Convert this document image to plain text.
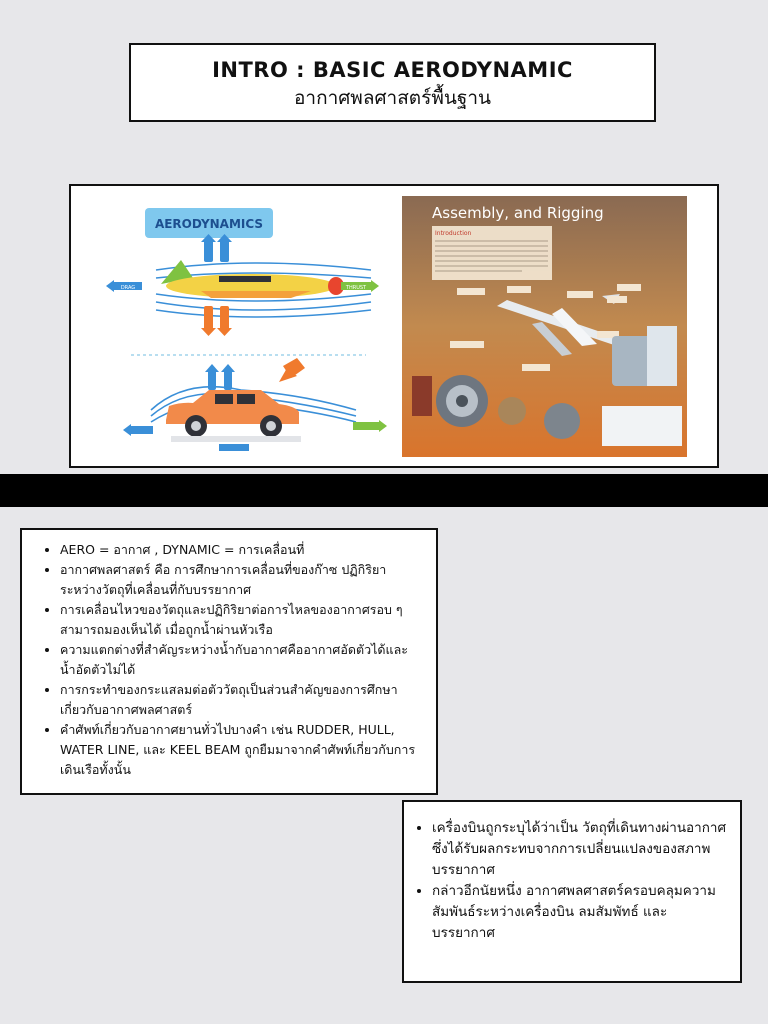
INTRO : BASIC AERODYNAMIC
อากาศพลศาสตร์พื้นฐาน
AERODYNAMICS
DRAG	THRUST
Assembly, and Rigging
Introduction
• AERO = อากาศ , DYNAMIC = การเคลื่อนที่
• อากาศพลศาสตร์ คือ การศึกษาการเคลื่อนที่ของก๊าซ ปฏิกิริยาระหว่างวัตถุที่เคลื่อนที่กับบรรยากาศ
• การเคลื่อนไหวของวัตถุและปฏิกิริยาต่อการไหลของอากาศรอบ ๆ สามารถมองเห็นได้ เมื่อถูกน้ำผ่านหัวเรือ
• ความแตกต่างที่สำคัญระหว่างน้ำกับอากาศคืออากาศอัดตัวได้และน้ำอัดตัวไม่ได้
• การกระทำของกระแสลมต่อตัววัตถุเป็นส่วนสำคัญของการศึกษาเกี่ยวกับอากาศพลศาสตร์
• คำศัพท์เกี่ยวกับอากาศยานทั่วไปบางคำ เช่น RUDDER, HULL, WATER LINE, และ KEEL BEAM ถูกยืมมาจากคำศัพท์เกี่ยวกับการเดินเรือทั้งนั้น
• เครื่องบินถูกระบุได้ว่าเป็น วัตถุที่เดินทางผ่านอากาศซึ่งได้รับผลกระทบจากการเปลี่ยนแปลงของสภาพบรรยากาศ
• กล่าวอีกนัยหนึ่ง อากาศพลศาสตร์ครอบคลุมความสัมพันธ์ระหว่างเครื่องบิน ลมสัมพัทธ์ และบรรยากาศ
